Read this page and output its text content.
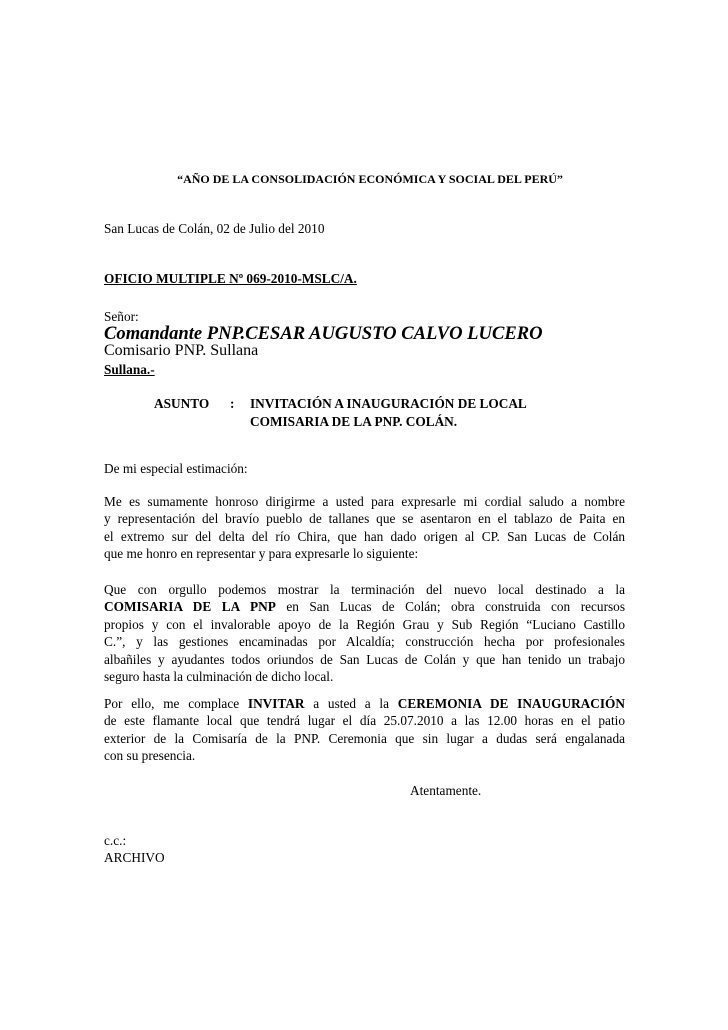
“AÑO DE LA CONSOLIDACIÓN ECONÓMICA Y SOCIAL DEL PERÚ”
San Lucas de Colán, 02 de Julio del 2010
OFICIO MULTIPLE Nº 069-2010-MSLC/A.
Señor:
Comandante PNP.CESAR AUGUSTO CALVO LUCERO
Comisario PNP. Sullana
Sullana.-
ASUNTO : INVITACIÓN A INAUGURACIÓN DE LOCAL
COMISARIA DE LA PNP. COLÁN.
De mi especial estimación:
Me es sumamente honroso dirigirme a usted para expresarle mi cordial saludo a nombre
y representación del bravío pueblo de tallanes que se asentaron en el tablazo de Paita en
el extremo sur del delta del río Chira, que han dado origen al CP. San Lucas de Colán
que me honro en representar y para expresarle lo siguiente:
Que con orgullo podemos mostrar la terminación del nuevo local destinado a la
COMISARIA DE LA PNP en San Lucas de Colán; obra construida con recursos
propios y con el invalorable apoyo de la Región Grau y Sub Región “Luciano Castillo
C.”, y las gestiones encaminadas por Alcaldía; construcción hecha por profesionales
albañiles y ayudantes todos oriundos de San Lucas de Colán y que han tenido un trabajo
seguro hasta la culminación de dicho local.
Por ello, me complace INVITAR a usted a la CEREMONIA DE INAUGURACIÓN
de este flamante local que tendrá lugar el día 25.07.2010 a las 12.00 horas en el patio
exterior de la Comisaría de la PNP. Ceremonia que sin lugar a dudas será engalanada
con su presencia.
Atentamente.
c.c.:
ARCHIVO
